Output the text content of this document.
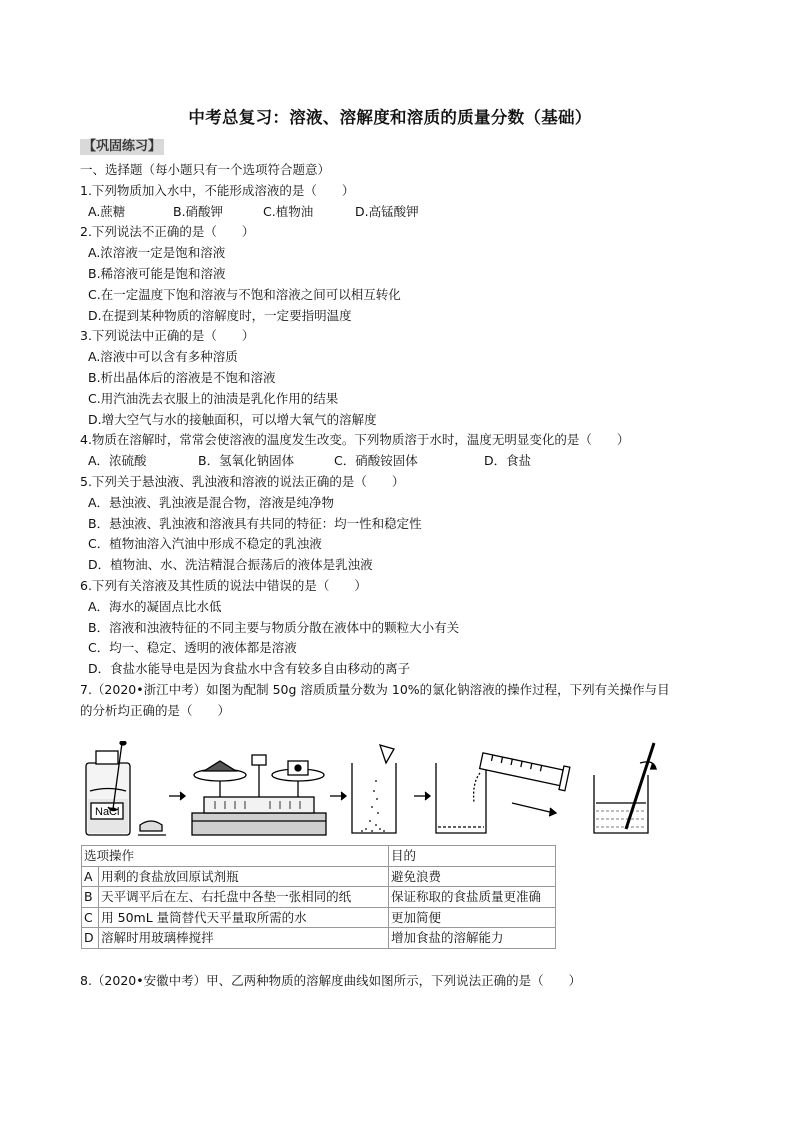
中考总复习：溶液、溶解度和溶质的质量分数（基础）
【巩固练习】
一、选择题（每小题只有一个选项符合题意）
1.下列物质加入水中，不能形成溶液的是（　　）
A.蔗糖	B.硝酸钾	C.植物油	D.高锰酸钾
2.下列说法不正确的是（　　）
A.浓溶液一定是饱和溶液
B.稀溶液可能是饱和溶液
C.在一定温度下饱和溶液与不饱和溶液之间可以相互转化
D.在提到某种物质的溶解度时，一定要指明温度
3.下列说法中正确的是（　　）
A.溶液中可以含有多种溶质
B.析出晶体后的溶液是不饱和溶液
C.用汽油洗去衣服上的油渍是乳化作用的结果
D.增大空气与水的接触面积，可以增大氧气的溶解度
4.物质在溶解时，常常会使溶液的温度发生改变。下列物质溶于水时，温度无明显变化的是（　　）
A．浓硫酸	B．氢氧化钠固体	C．硝酸铵固体	D．食盐
5.下列关于悬浊液、乳浊液和溶液的说法正确的是（　　）
A．悬浊液、乳浊液是混合物，溶液是纯净物
B．悬浊液、乳浊液和溶液具有共同的特征：均一性和稳定性
C．植物油溶入汽油中形成不稳定的乳浊液
D．植物油、水、洗洁精混合振荡后的液体是乳浊液
6.下列有关溶液及其性质的说法中错误的是（　　）
A．海水的凝固点比水低
B．溶液和浊液特征的不同主要与物质分散在液体中的颗粒大小有关
C．均一、稳定、透明的液体都是溶液
D．食盐水能导电是因为食盐水中含有较多自由移动的离子
7.（2020•浙江中考）如图为配制 50g 溶质质量分数为 10%的氯化钠溶液的操作过程，下列有关操作与目
的分析均正确的是（　　）
NaCl
选项操作		目的
A	用剩的食盐放回原试剂瓶	避免浪费
B	天平调平后在左、右托盘中各垫一张相同的纸	保证称取的食盐质量更准确
C	用 50mL 量筒替代天平量取所需的水	更加简便
D	溶解时用玻璃棒搅拌	增加食盐的溶解能力
8.（2020•安徽中考）甲、乙两种物质的溶解度曲线如图所示，下列说法正确的是（　　）
